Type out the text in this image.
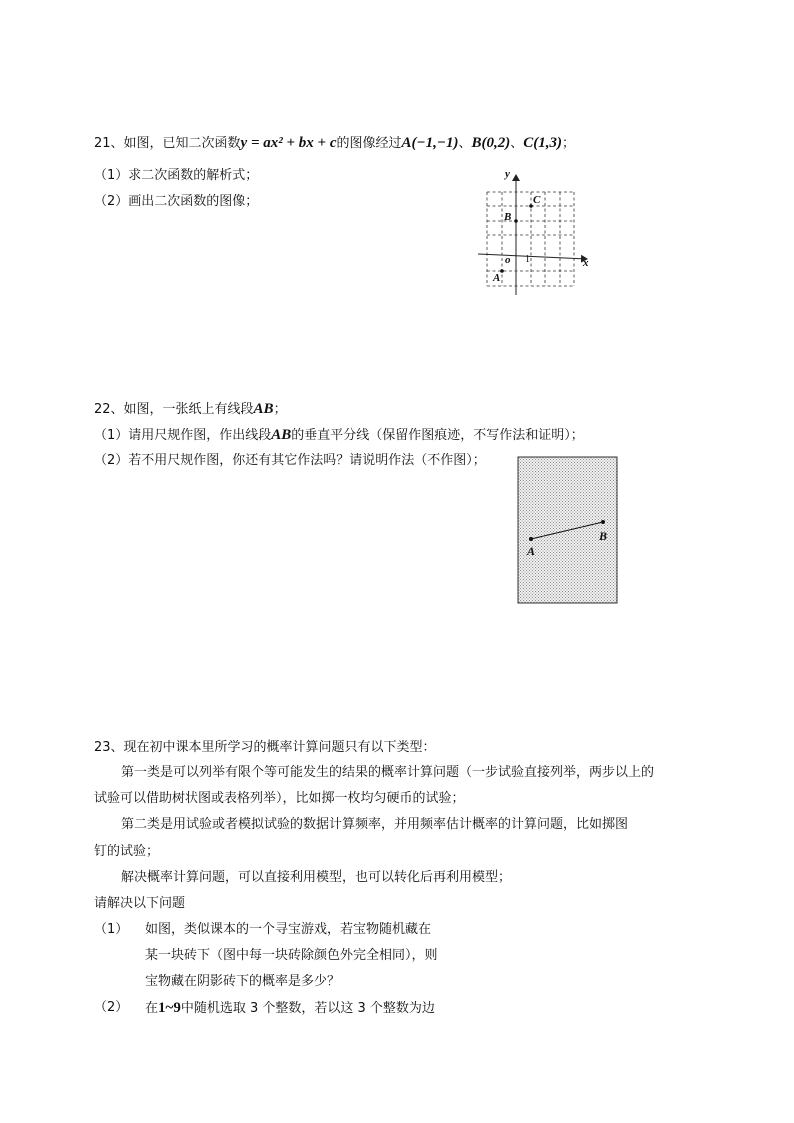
21、如图，已知二次函数y = ax² + bx + c的图像经过A(−1,−1)、B(0,2)、C(1,3)；
（1）求二次函数的解析式；
（2）画出二次函数的图像；
y
x
o 1
A
B
C
22、如图，一张纸上有线段AB；
（1）请用尺规作图，作出线段AB的垂直平分线（保留作图痕迹，不写作法和证明）；
（2）若不用尺规作图，你还有其它作法吗？请说明作法（不作图）；
A
B
23、现在初中课本里所学习的概率计算问题只有以下类型：
第一类是可以列举有限个等可能发生的结果的概率计算问题（一步试验直接列举，两步以上的
试验可以借助树状图或表格列举），比如掷一枚均匀硬币的试验；
第二类是用试验或者模拟试验的数据计算频率，并用频率估计概率的计算问题，比如掷图
钉的试验；
解决概率计算问题，可以直接利用模型，也可以转化后再利用模型；
请解决以下问题
（1） 如图，类似课本的一个寻宝游戏，若宝物随机藏在
某一块砖下（图中每一块砖除颜色外完全相同），则
宝物藏在阴影砖下的概率是多少？
（2） 在1~9中随机选取 3 个整数，若以这 3 个整数为边
